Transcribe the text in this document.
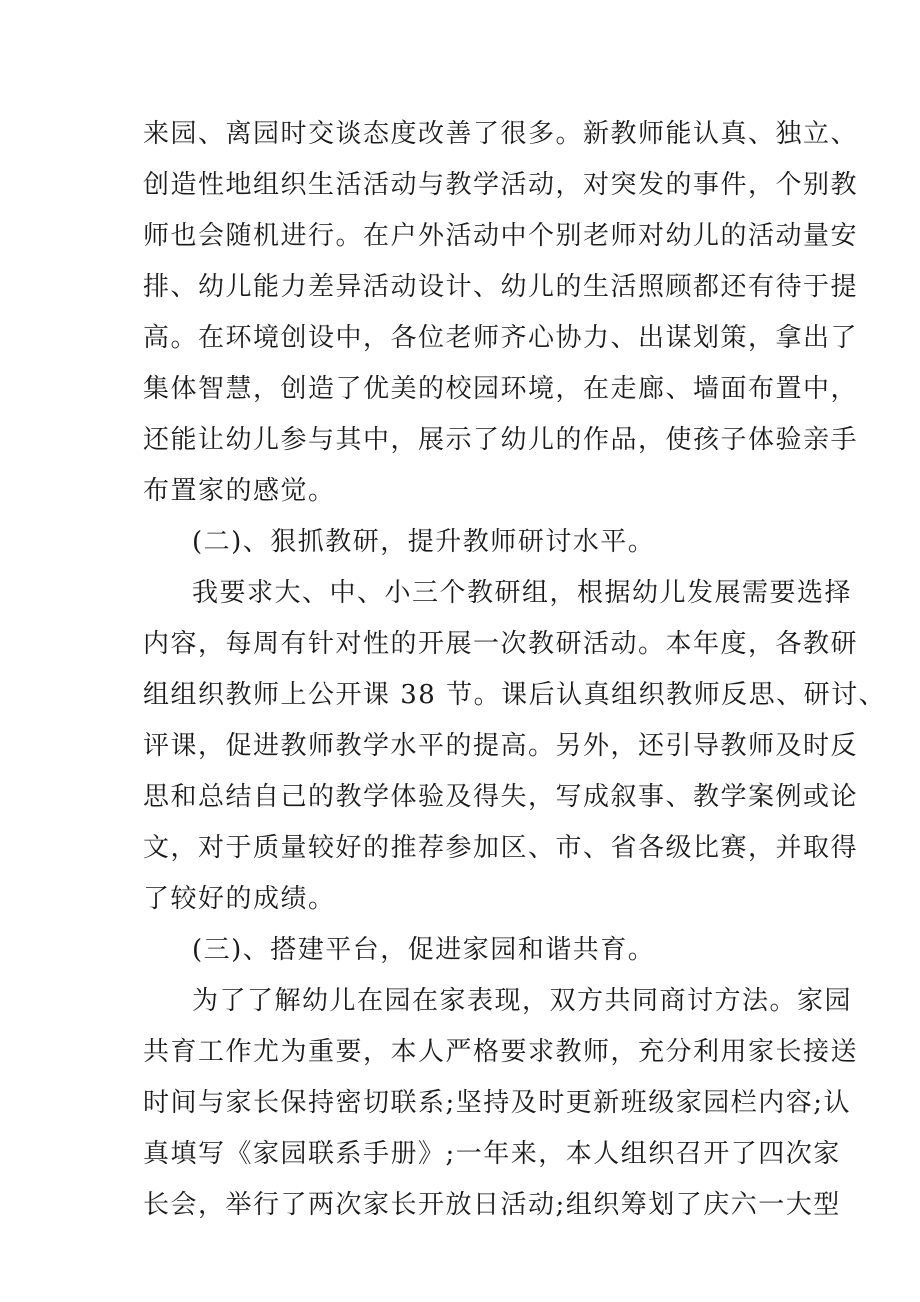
来园、离园时交谈态度改善了很多。新教师能认真、独立、
创造性地组织生活活动与教学活动，对突发的事件，个别教
师也会随机进行。在户外活动中个别老师对幼儿的活动量安
排、幼儿能力差异活动设计、幼儿的生活照顾都还有待于提
高。在环境创设中，各位老师齐心协力、出谋划策，拿出了
集体智慧，创造了优美的校园环境，在走廊、墙面布置中，
还能让幼儿参与其中，展示了幼儿的作品，使孩子体验亲手
布置家的感觉。
(二)、狠抓教研，提升教师研讨水平。
我要求大、中、小三个教研组，根据幼儿发展需要选择
内容，每周有针对性的开展一次教研活动。本年度，各教研
组组织教师上公开课 38 节。课后认真组织教师反思、研讨、
评课，促进教师教学水平的提高。另外，还引导教师及时反
思和总结自己的教学体验及得失，写成叙事、教学案例或论
文，对于质量较好的推荐参加区、市、省各级比赛，并取得
了较好的成绩。
(三)、搭建平台，促进家园和谐共育。
为了了解幼儿在园在家表现，双方共同商讨方法。家园
共育工作尤为重要，本人严格要求教师，充分利用家长接送
时间与家长保持密切联系;坚持及时更新班级家园栏内容;认
真填写《家园联系手册》;一年来，本人组织召开了四次家
长会，举行了两次家长开放日活动;组织筹划了庆六一大型
